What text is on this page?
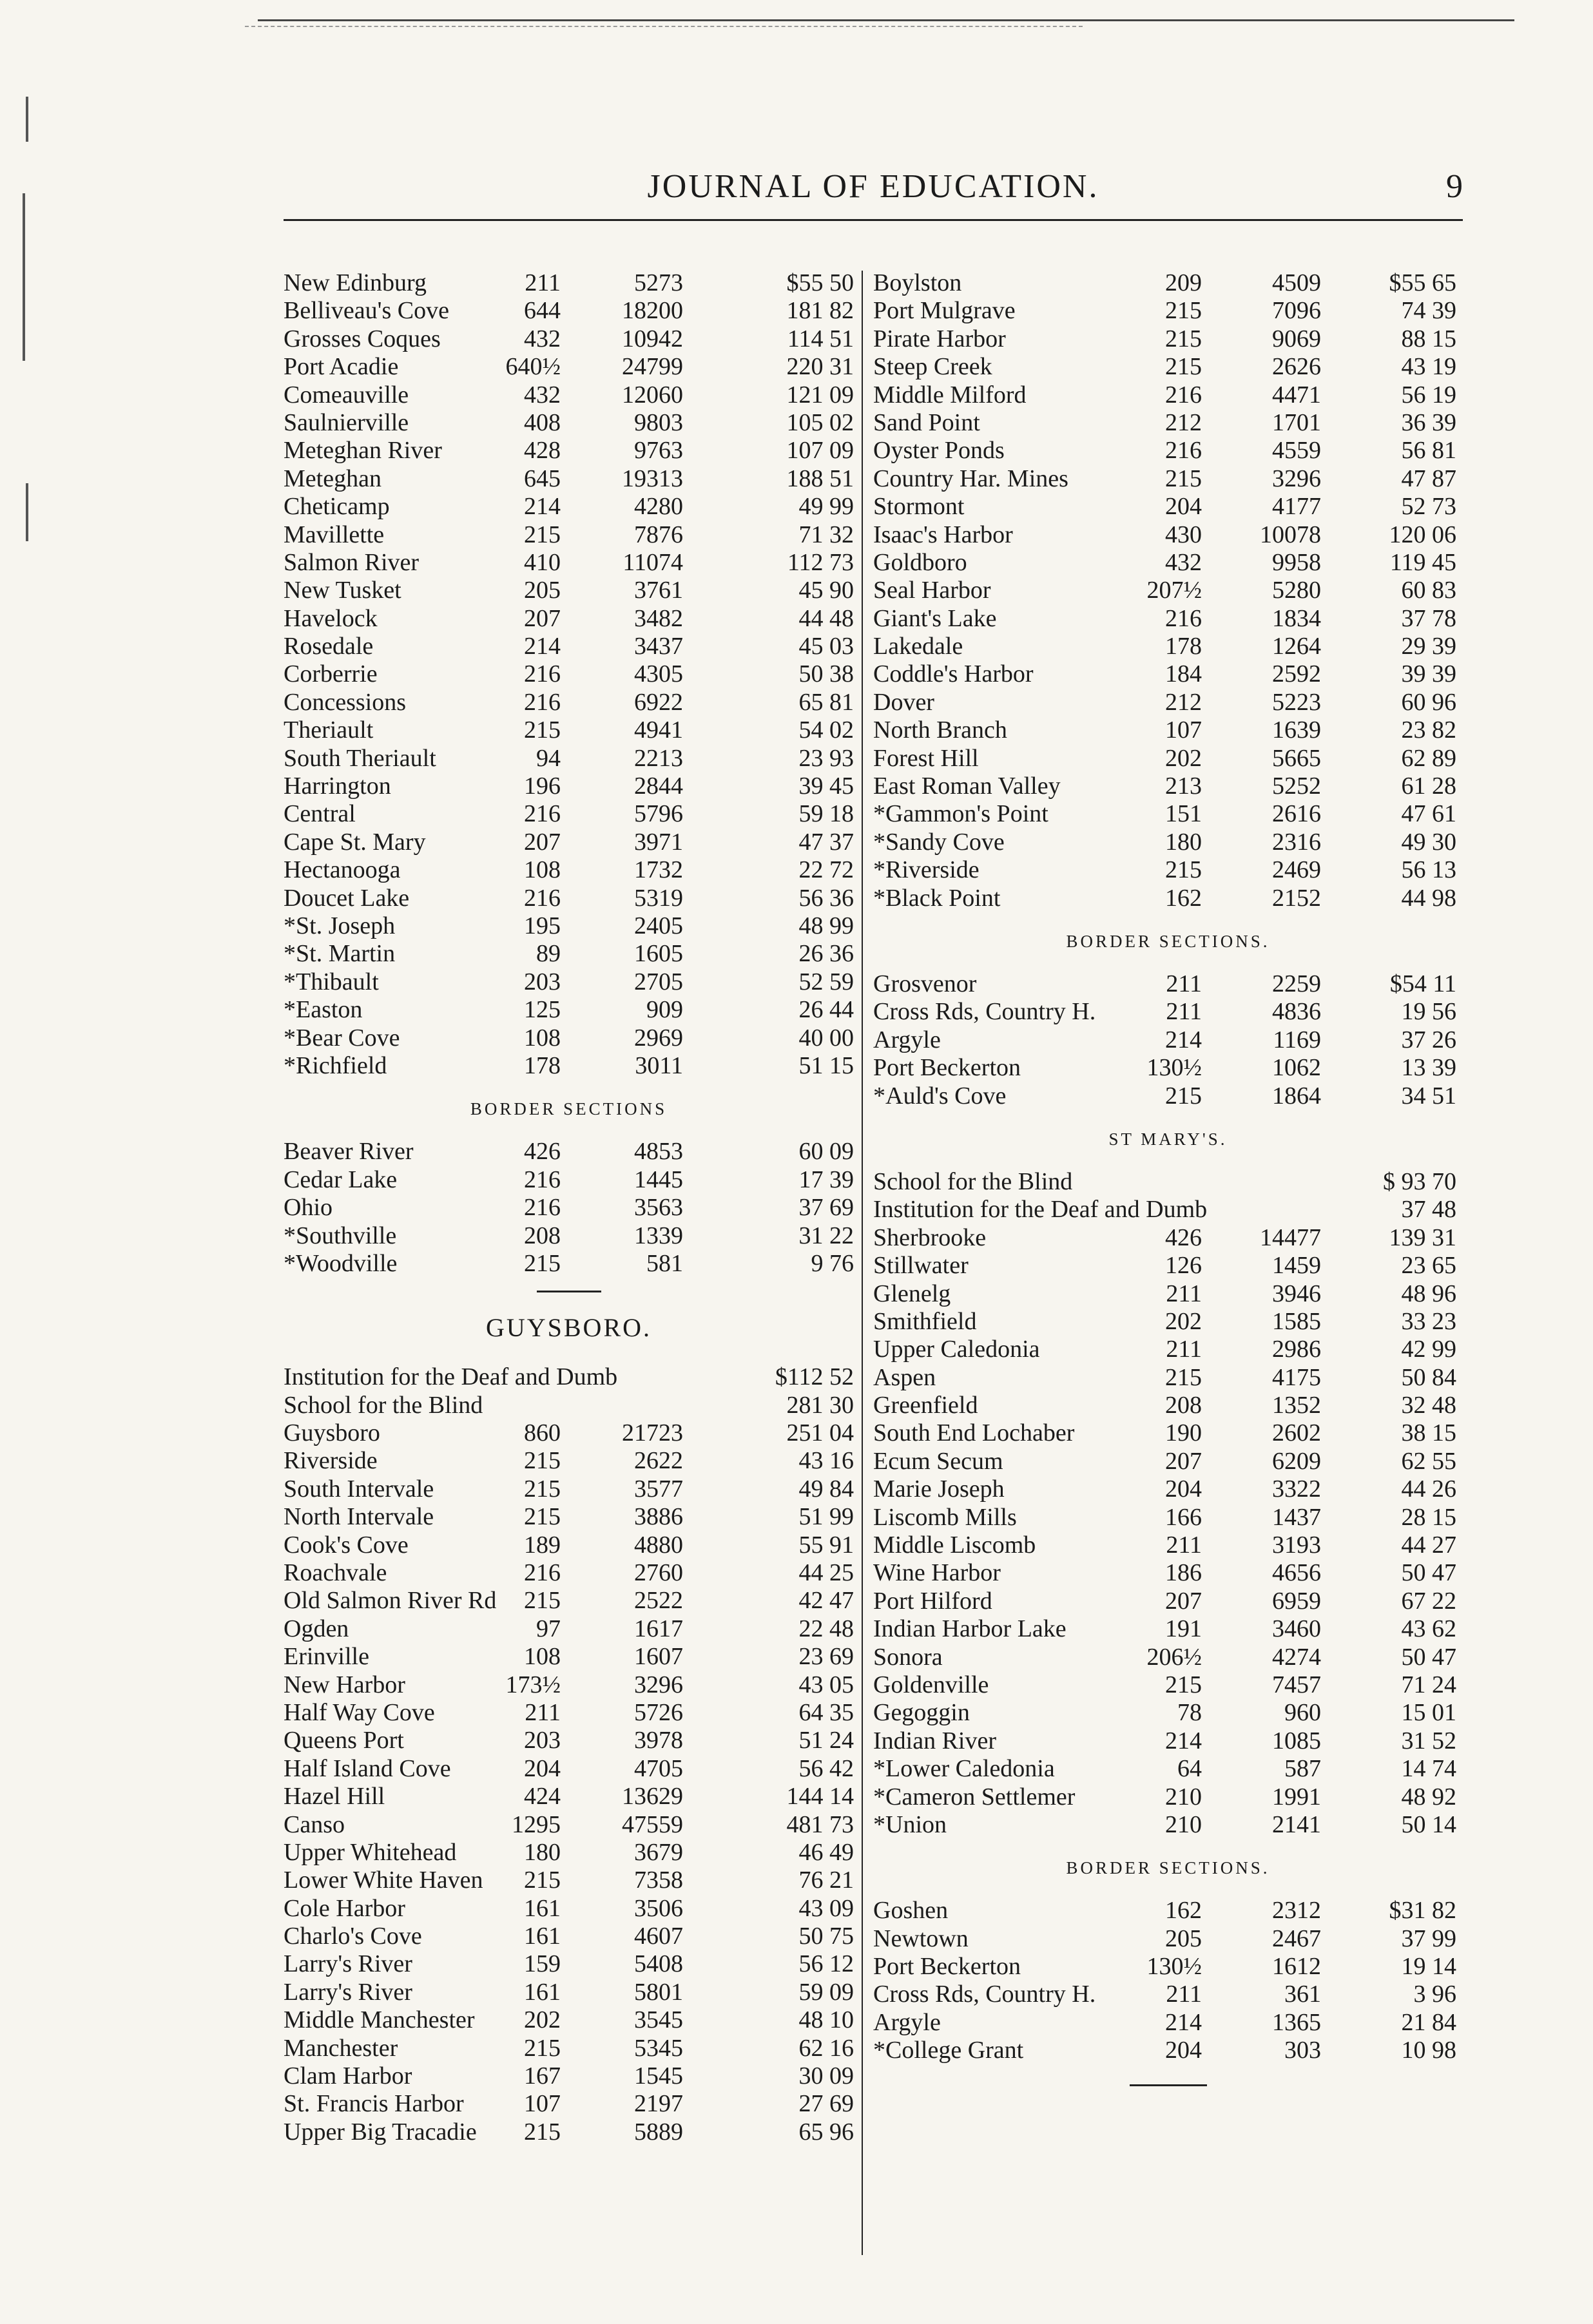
JOURNAL OF EDUCATION.	9
New Edinburg	211	5273	$55 50
Belliveau's Cove	644	18200	181 82
Grosses Coques	432	10942	114 51
Port Acadie	640½	24799	220 31
Comeauville	432	12060	121 09
Saulnierville	408	9803	105 02
Meteghan River	428	9763	107 09
Meteghan	645	19313	188 51
Cheticamp	214	4280	49 99
Mavillette	215	7876	71 32
Salmon River	410	11074	112 73
New Tusket	205	3761	45 90
Havelock	207	3482	44 48
Rosedale	214	3437	45 03
Corberrie	216	4305	50 38
Concessions	216	6922	65 81
Theriault	215	4941	54 02
South Theriault	94	2213	23 93
Harrington	196	2844	39 45
Central	216	5796	59 18
Cape St. Mary	207	3971	47 37
Hectanooga	108	1732	22 72
Doucet Lake	216	5319	56 36
*St. Joseph	195	2405	48 99
*St. Martin	89	1605	26 36
*Thibault	203	2705	52 59
*Easton	125	909	26 44
*Bear Cove	108	2969	40 00
*Richfield	178	3011	51 15
BORDER SECTIONS
Beaver River	426	4853	60 09
Cedar Lake	216	1445	17 39
Ohio	216	3563	37 69
*Southville	208	1339	31 22
*Woodville	215	581	9 76
GUYSBORO.
Institution for the Deaf and Dumb	$112 52
School for the Blind	281 30
Guysboro	860	21723	251 04
Riverside	215	2622	43 16
South Intervale	215	3577	49 84
North Intervale	215	3886	51 99
Cook's Cove	189	4880	55 91
Roachvale	216	2760	44 25
Old Salmon River Rd	215	2522	42 47
Ogden	97	1617	22 48
Erinville	108	1607	23 69
New Harbor	173½	3296	43 05
Half Way Cove	211	5726	64 35
Queens Port	203	3978	51 24
Half Island Cove	204	4705	56 42
Hazel Hill	424	13629	144 14
Canso	1295	47559	481 73
Upper Whitehead	180	3679	46 49
Lower White Haven	215	7358	76 21
Cole Harbor	161	3506	43 09
Charlo's Cove	161	4607	50 75
Larry's River	159	5408	56 12
Larry's River	161	5801	59 09
Middle Manchester	202	3545	48 10
Manchester	215	5345	62 16
Clam Harbor	167	1545	30 09
St. Francis Harbor	107	2197	27 69
Upper Big Tracadie	215	5889	65 96
Boylston	209	4509	$55 65
Port Mulgrave	215	7096	74 39
Pirate Harbor	215	9069	88 15
Steep Creek	215	2626	43 19
Middle Milford	216	4471	56 19
Sand Point	212	1701	36 39
Oyster Ponds	216	4559	56 81
Country Har. Mines	215	3296	47 87
Stormont	204	4177	52 73
Isaac's Harbor	430	10078	120 06
Goldboro	432	9958	119 45
Seal Harbor	207½	5280	60 83
Giant's Lake	216	1834	37 78
Lakedale	178	1264	29 39
Coddle's Harbor	184	2592	39 39
Dover	212	5223	60 96
North Branch	107	1639	23 82
Forest Hill	202	5665	62 89
East Roman Valley	213	5252	61 28
*Gammon's Point	151	2616	47 61
*Sandy Cove	180	2316	49 30
*Riverside	215	2469	56 13
*Black Point	162	2152	44 98
BORDER SECTIONS.
Grosvenor	211	2259	$54 11
Cross Rds, Country H.	211	4836	19 56
Argyle	214	1169	37 26
Port Beckerton	130½	1062	13 39
*Auld's Cove	215	1864	34 51
ST MARY'S.
School for the Blind	$ 93 70
Institution for the Deaf and Dumb	37 48
Sherbrooke	426	14477	139 31
Stillwater	126	1459	23 65
Glenelg	211	3946	48 96
Smithfield	202	1585	33 23
Upper Caledonia	211	2986	42 99
Aspen	215	4175	50 84
Greenfield	208	1352	32 48
South End Lochaber	190	2602	38 15
Ecum Secum	207	6209	62 55
Marie Joseph	204	3322	44 26
Liscomb Mills	166	1437	28 15
Middle Liscomb	211	3193	44 27
Wine Harbor	186	4656	50 47
Port Hilford	207	6959	67 22
Indian Harbor Lake	191	3460	43 62
Sonora	206½	4274	50 47
Goldenville	215	7457	71 24
Gegoggin	78	960	15 01
Indian River	214	1085	31 52
*Lower Caledonia	64	587	14 74
*Cameron Settlemer	210	1991	48 92
*Union	210	2141	50 14
BORDER SECTIONS.
Goshen	162	2312	$31 82
Newtown	205	2467	37 99
Port Beckerton	130½	1612	19 14
Cross Rds, Country H.	211	361	3 96
Argyle	214	1365	21 84
*College Grant	204	303	10 98
